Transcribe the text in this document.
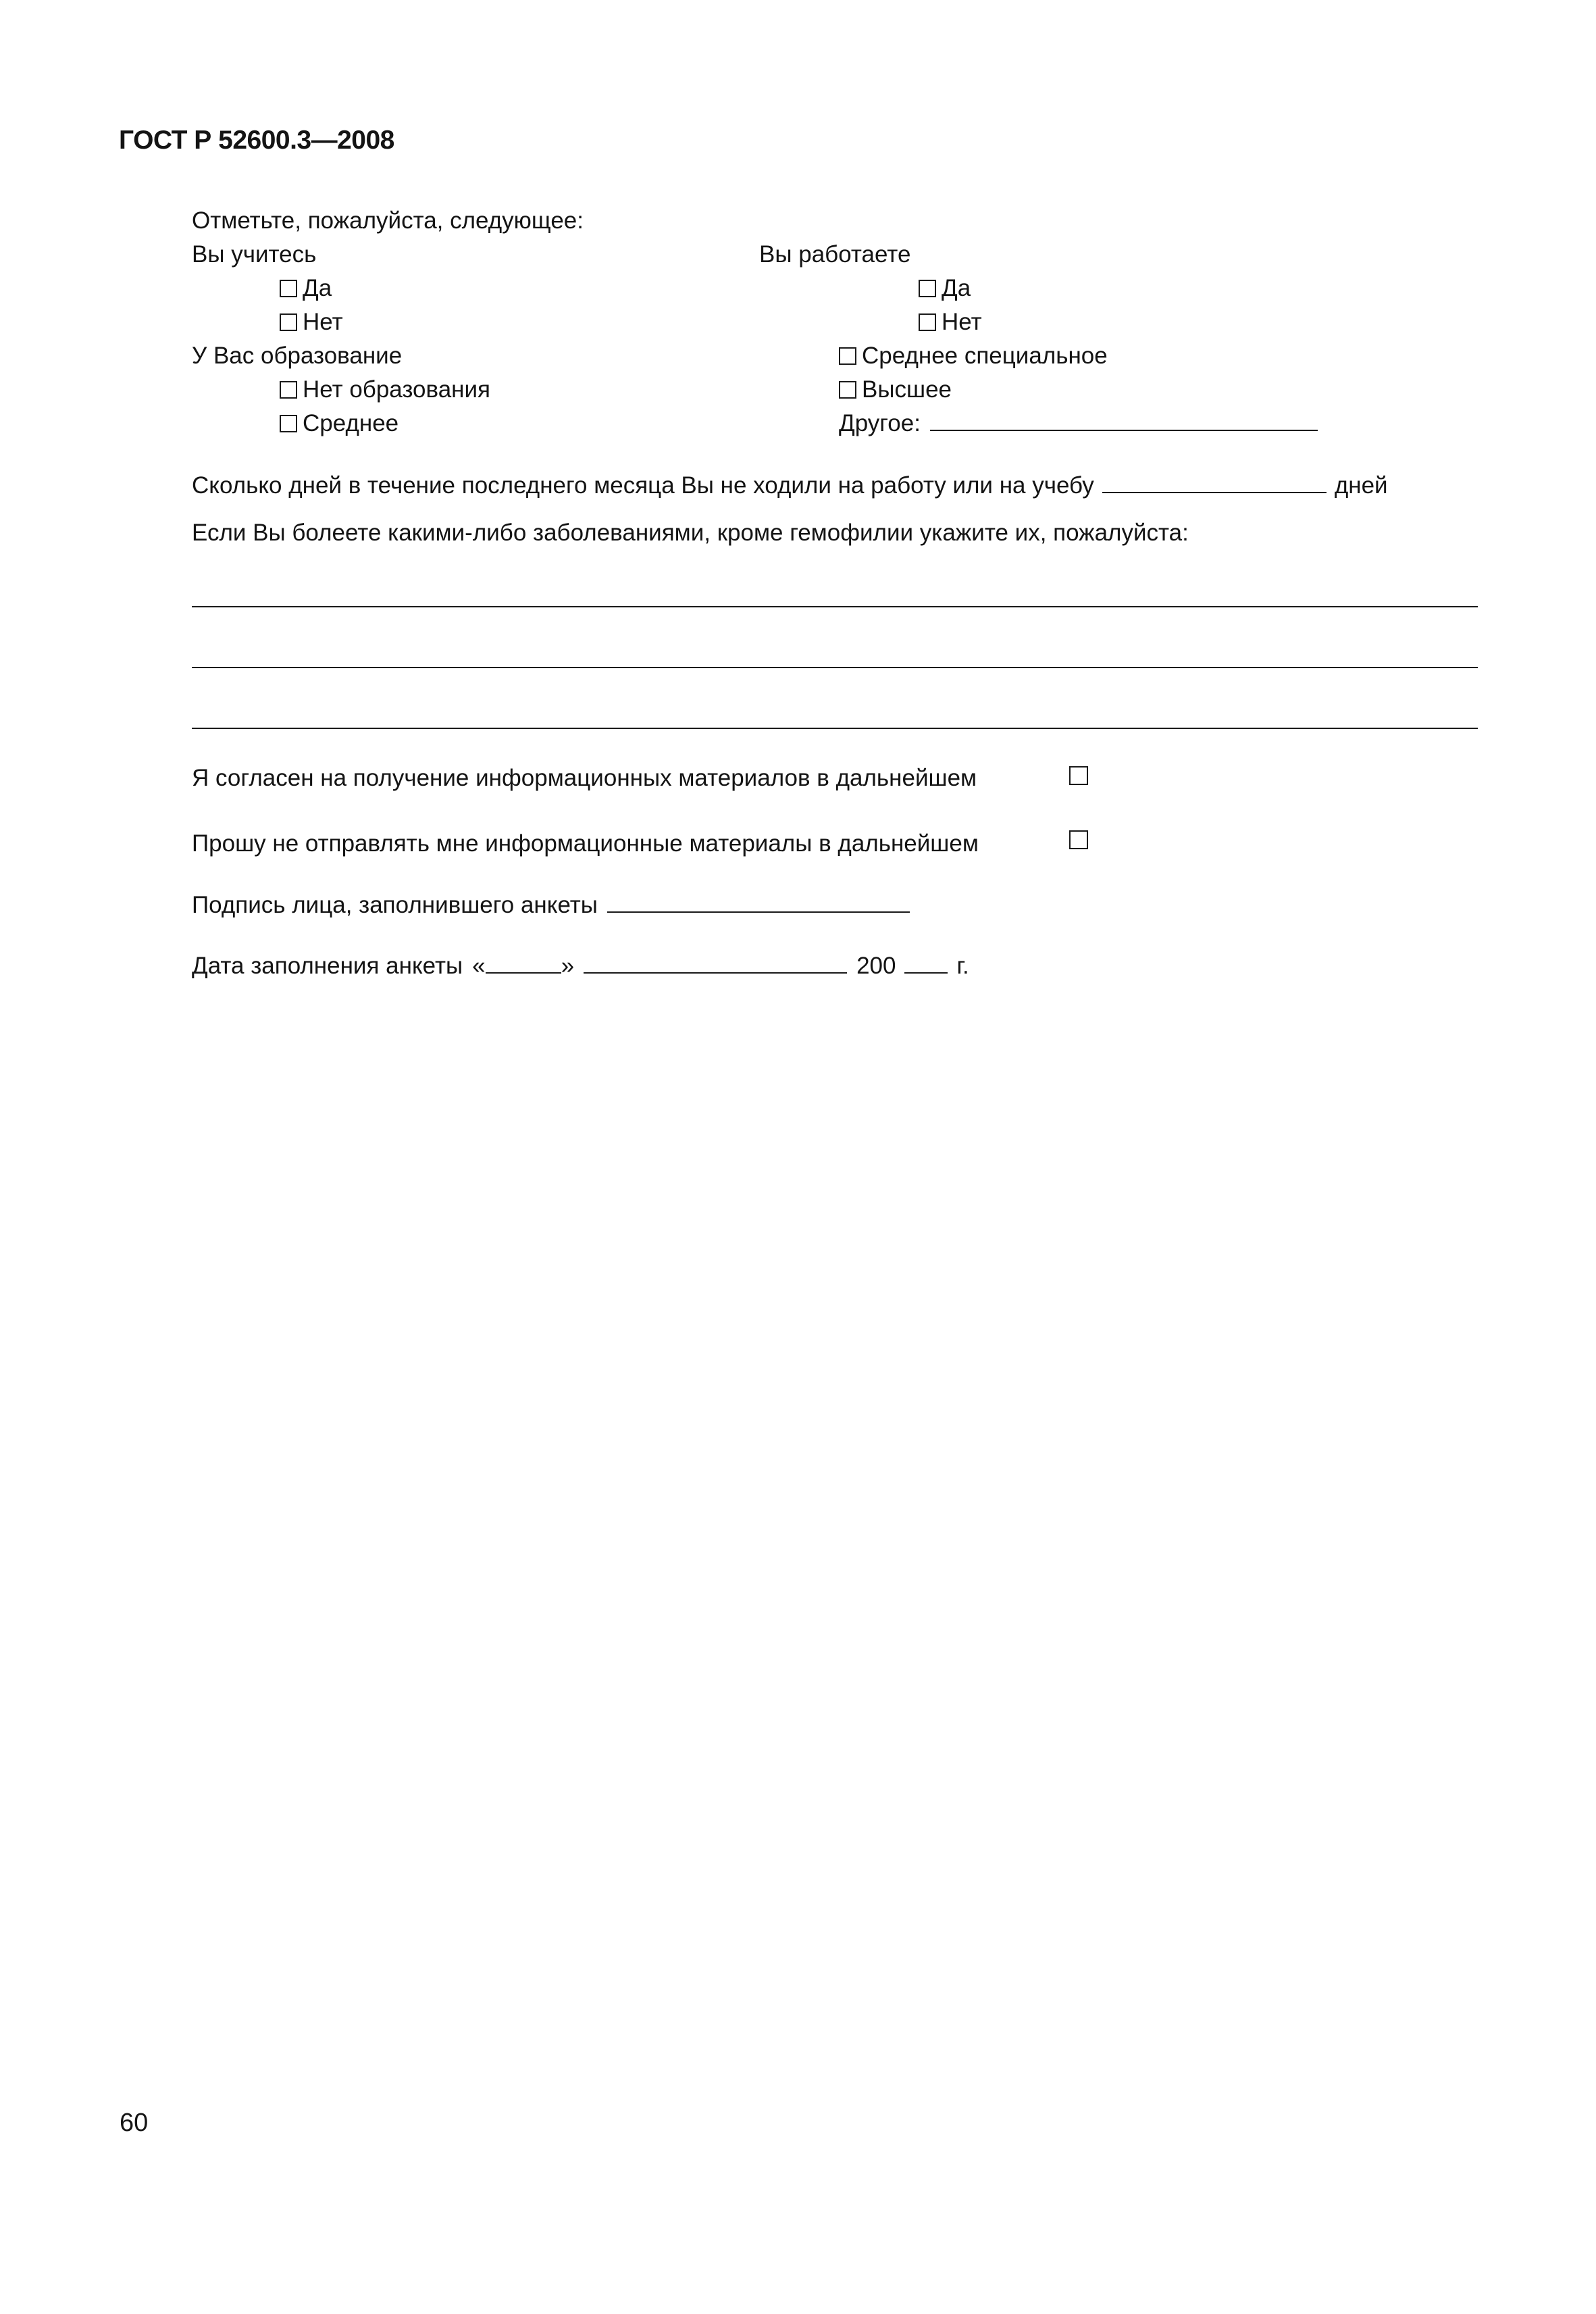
ГОСТ Р 52600.3—2008
Отметьте, пожалуйста, следующее:
Вы учитесь
Да
Нет
Вы работаете
Да
Нет
У Вас образование
Нет образования
Среднее
Среднее специальное
Высшее
Другое:
Сколько дней в течение последнего месяца Вы не ходили на работу или на учебу	дней
Если Вы болеете какими-либо заболеваниями, кроме гемофилии укажите их, пожалуйста:
Я согласен на получение информационных материалов в дальнейшем
Прошу не отправлять мне информационные материалы в дальнейшем
Подпись лица, заполнившего анкеты
Дата заполнения анкеты «	»	200	г.
60
